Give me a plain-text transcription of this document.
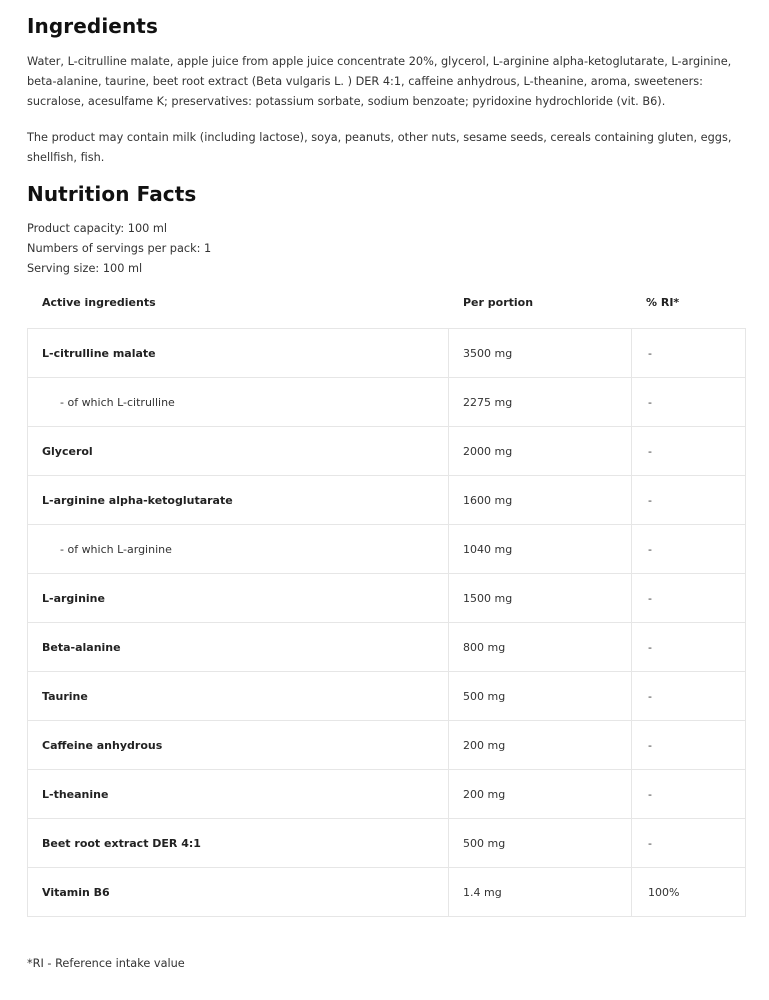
Ingredients

Water, L-citrulline malate, apple juice from apple juice concentrate 20%, glycerol, L-arginine alpha-ketoglutarate, L-arginine, beta-alanine, taurine, beet root extract (Beta vulgaris L. ) DER 4:1, caffeine anhydrous, L-theanine, aroma, sweeteners: sucralose, acesulfame K; preservatives: potassium sorbate, sodium benzoate; pyridoxine hydrochloride (vit. B6).

The product may contain milk (including lactose), soya, peanuts, other nuts, sesame seeds, cereals containing gluten, eggs, shellfish, fish.

Nutrition Facts
Product capacity: 100 ml
Numbers of servings per pack: 1
Serving size: 100 ml
Active ingredients	Per portion	% RI*
L-citrulline malate	3500 mg	-
- of which L-citrulline	2275 mg	-
Glycerol	2000 mg	-
L-arginine alpha-ketoglutarate	1600 mg	-
- of which L-arginine	1040 mg	-
L-arginine	1500 mg	-
Beta-alanine	800 mg	-
Taurine	500 mg	-
Caffeine anhydrous	200 mg	-
L-theanine	200 mg	-
Beet root extract DER 4:1	500 mg	-
Vitamin B6	1.4 mg	100%
*RI - Reference intake value
